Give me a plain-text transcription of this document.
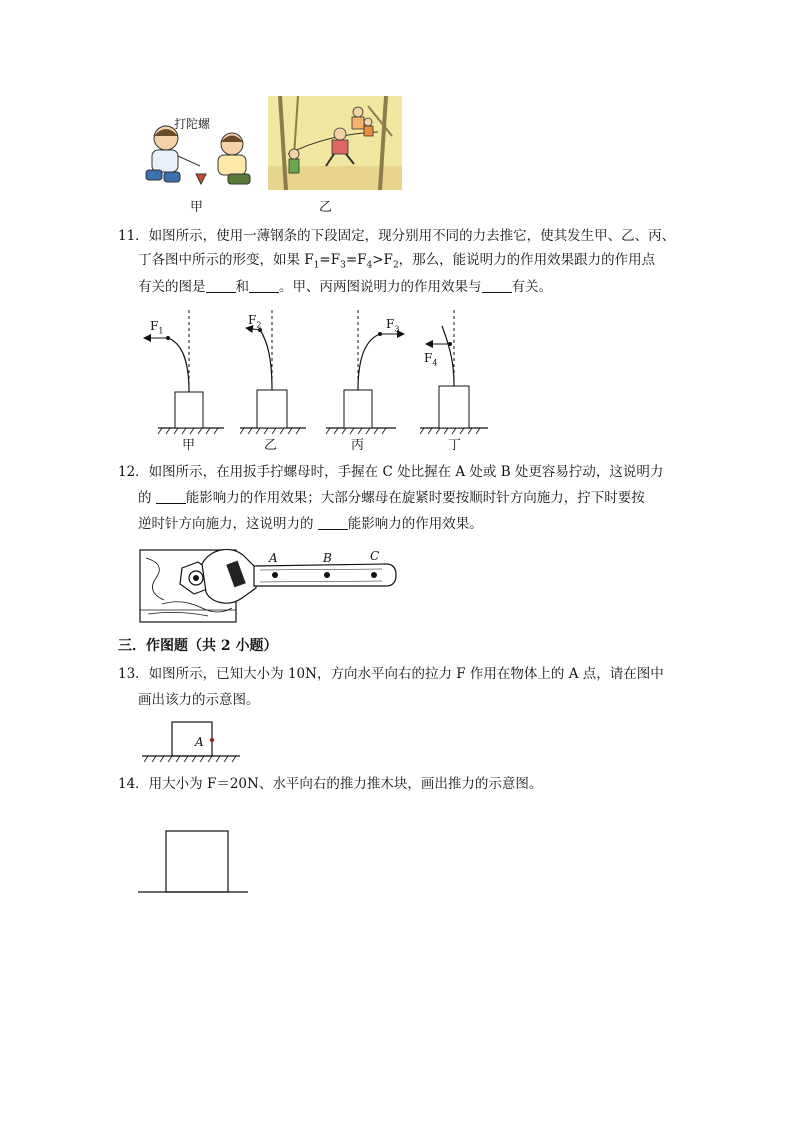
打陀螺
甲	乙
11．如图所示，使用一薄钢条的下段固定，现分别用不同的力去推它，使其发生甲、乙、丙、
丁各图中所示的形变，如果 $F_1=F_3=F_4>F_2$，那么，能说明力的作用效果跟力的作用点
有关的图是 和 。甲、丙两图说明力的作用效果与 有关。
$F_1$
$F_2$	$F_3$
$F_4$
甲	乙	丙	丁
12．如图所示，在用扳手拧螺母时，手握在 C 处比握在 A 处或 B 处更容易拧动，这说明力
的 能影响力的作用效果；大部分螺母在旋紧时要按顺时针方向施力，拧下时要按
逆时针方向施力，这说明力的 能影响力的作用效果。
A	B	C
三．作图题（共 2 小题）
13．如图所示，已知大小为 10N，方向水平向右的拉力 F 作用在物体上的 A 点，请在图中
画出该力的示意图。
A
14．用大小为 F＝20N、水平向右的推力推木块，画出推力的示意图。
